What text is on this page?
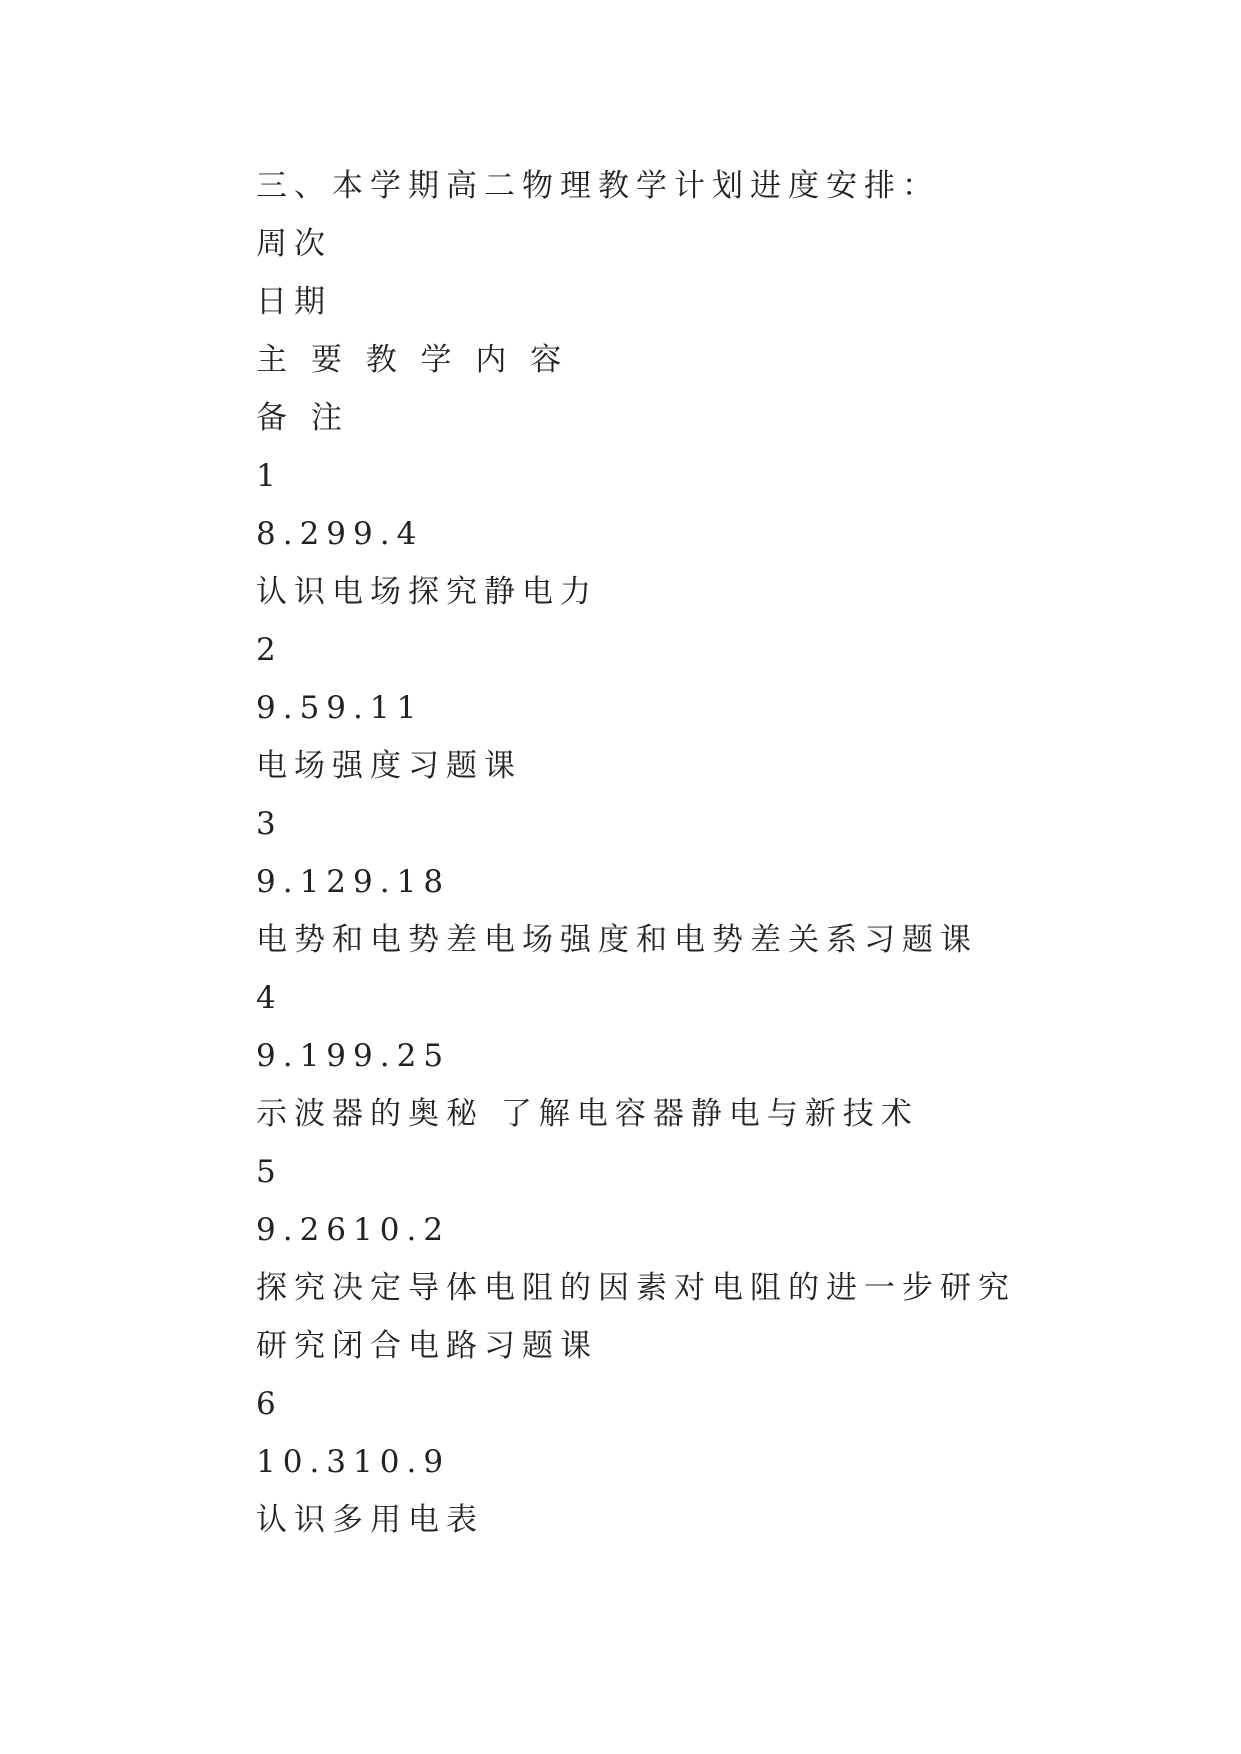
三、本学期高二物理教学计划进度安排：
周次
日期
主 要 教 学 内 容
备 注
1
8.299.4
认识电场探究静电力
2
9.59.11
电场强度习题课
3
9.129.18
电势和电势差电场强度和电势差关系习题课
4
9.199.25
示波器的奥秘 了解电容器静电与新技术
5
9.2610.2
探究决定导体电阻的因素对电阻的进一步研究
研究闭合电路习题课
6
10.310.9
认识多用电表
